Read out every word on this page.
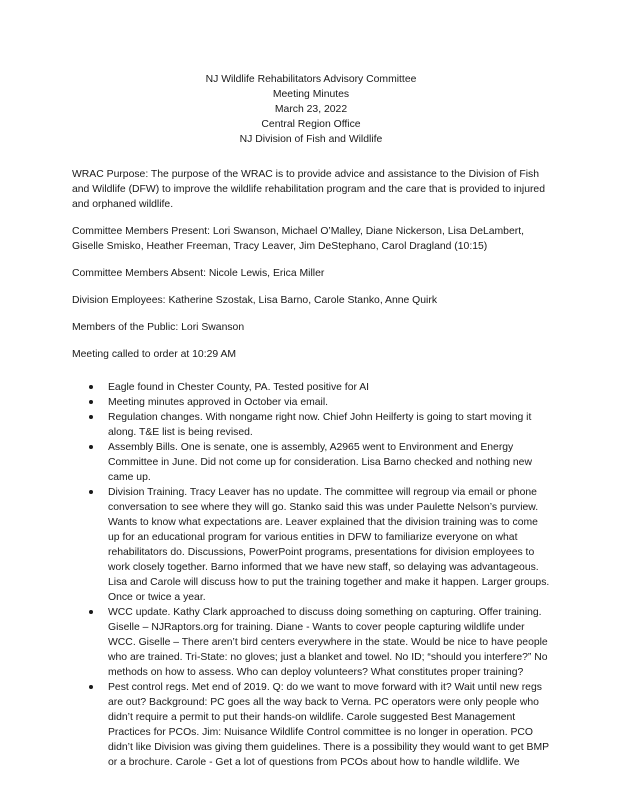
NJ Wildlife Rehabilitators Advisory Committee
Meeting Minutes
March 23, 2022
Central Region Office
NJ Division of Fish and Wildlife

WRAC Purpose: The purpose of the WRAC is to provide advice and assistance to the Division of Fish and Wildlife (DFW) to improve the wildlife rehabilitation program and the care that is provided to injured and orphaned wildlife.

Committee Members Present: Lori Swanson, Michael O’Malley, Diane Nickerson, Lisa DeLambert, Giselle Smisko, Heather Freeman, Tracy Leaver, Jim DeStephano, Carol Dragland (10:15)

Committee Members Absent: Nicole Lewis, Erica Miller

Division Employees: Katherine Szostak, Lisa Barno, Carole Stanko, Anne Quirk

Members of the Public: Lori Swanson

Meeting called to order at 10:29 AM

Eagle found in Chester County, PA. Tested positive for AI
Meeting minutes approved in October via email.
Regulation changes. With nongame right now. Chief John Heilferty is going to start moving it along. T&E list is being revised.
Assembly Bills. One is senate, one is assembly, A2965 went to Environment and Energy Committee in June. Did not come up for consideration. Lisa Barno checked and nothing new came up.
Division Training. Tracy Leaver has no update. The committee will regroup via email or phone conversation to see where they will go. Stanko said this was under Paulette Nelson’s purview. Wants to know what expectations are. Leaver explained that the division training was to come up for an educational program for various entities in DFW to familiarize everyone on what rehabilitators do. Discussions, PowerPoint programs, presentations for division employees to work closely together. Barno informed that we have new staff, so delaying was advantageous. Lisa and Carole will discuss how to put the training together and make it happen. Larger groups. Once or twice a year.
WCC update. Kathy Clark approached to discuss doing something on capturing. Offer training. Giselle – NJRaptors.org for training. Diane - Wants to cover people capturing wildlife under WCC. Giselle – There aren’t bird centers everywhere in the state. Would be nice to have people who are trained. Tri-State: no gloves; just a blanket and towel. No ID; “should you interfere?” No methods on how to assess. Who can deploy volunteers? What constitutes proper training?
Pest control regs. Met end of 2019. Q: do we want to move forward with it? Wait until new regs are out? Background: PC goes all the way back to Verna. PC operators were only people who didn’t require a permit to put their hands-on wildlife. Carole suggested Best Management Practices for PCOs. Jim: Nuisance Wildlife Control committee is no longer in operation. PCO didn’t like Division was giving them guidelines. There is a possibility they would want to get BMP or a brochure. Carole - Get a lot of questions from PCOs about how to handle wildlife. We
